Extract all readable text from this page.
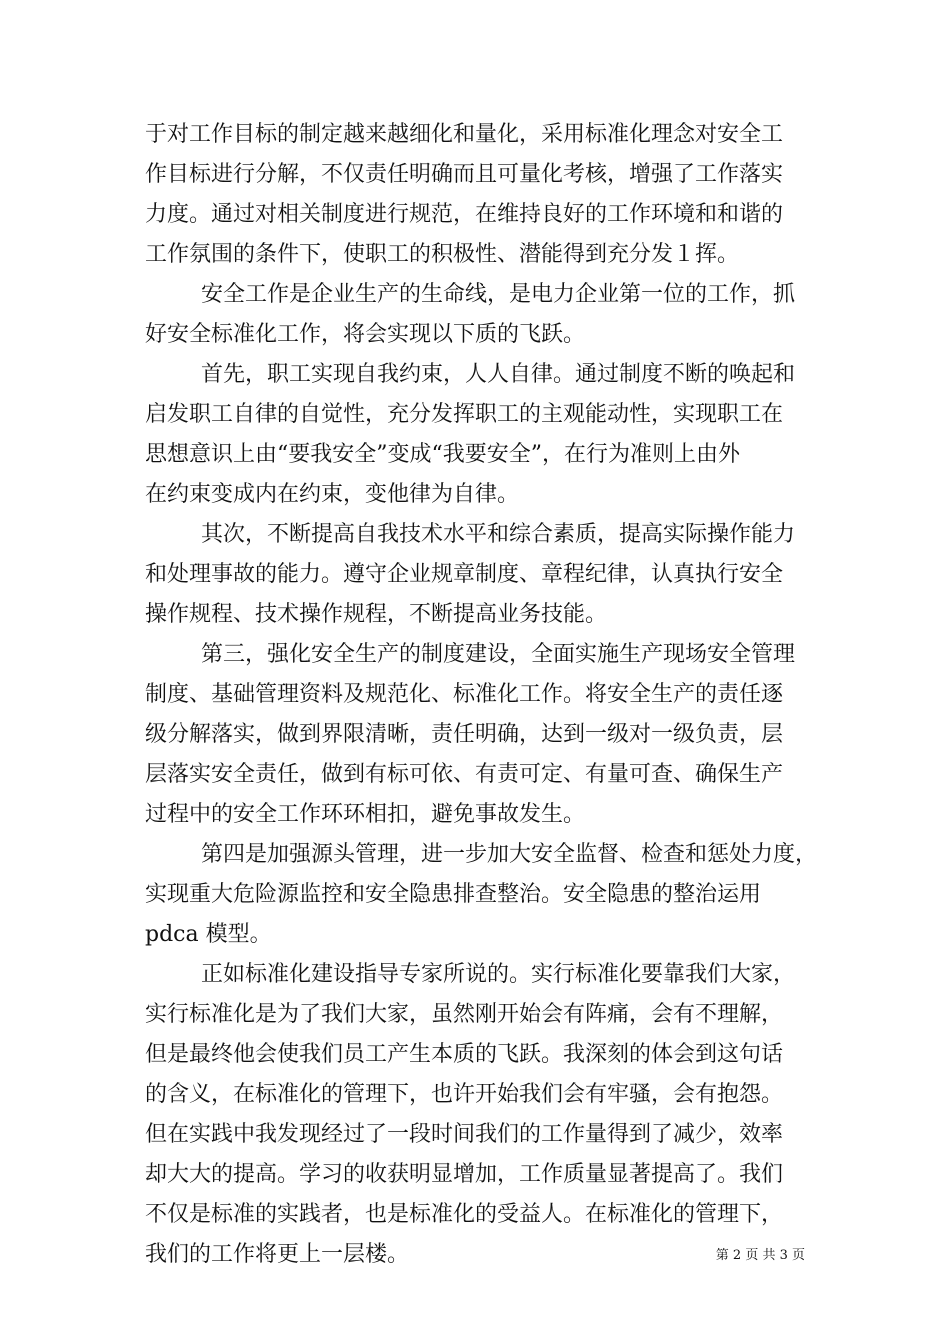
于对工作目标的制定越来越细化和量化，采用标准化理念对安全工
作目标进行分解，不仅责任明确而且可量化考核，增强了工作落实
力度。通过对相关制度进行规范，在维持良好的工作环境和和谐的
工作氛围的条件下，使职工的积极性、潜能得到充分发１挥。
安全工作是企业生产的生命线，是电力企业第一位的工作，抓
好安全标准化工作，将会实现以下质的飞跃。
首先，职工实现自我约束，人人自律。通过制度不断的唤起和
启发职工自律的自觉性，充分发挥职工的主观能动性，实现职工在
思想意识上由“要我安全”变成“我要安全”，在行为准则上由外
在约束变成内在约束，变他律为自律。
其次，不断提高自我技术水平和综合素质，提高实际操作能力
和处理事故的能力。遵守企业规章制度、章程纪律，认真执行安全
操作规程、技术操作规程，不断提高业务技能。
第三，强化安全生产的制度建设，全面实施生产现场安全管理
制度、基础管理资料及规范化、标准化工作。将安全生产的责任逐
级分解落实，做到界限清晰，责任明确，达到一级对一级负责，层
层落实安全责任，做到有标可依、有责可定、有量可查、确保生产
过程中的安全工作环环相扣，避免事故发生。
第四是加强源头管理，进一步加大安全监督、检查和惩处力度，
实现重大危险源监控和安全隐患排查整治。安全隐患的整治运用
pdca 模型。
正如标准化建设指导专家所说的。实行标准化要靠我们大家，
实行标准化是为了我们大家，虽然刚开始会有阵痛，会有不理解，
但是最终他会使我们员工产生本质的飞跃。我深刻的体会到这句话
的含义，在标准化的管理下，也许开始我们会有牢骚，会有抱怨。
但在实践中我发现经过了一段时间我们的工作量得到了减少，效率
却大大的提高。学习的收获明显增加，工作质量显著提高了。我们
不仅是标准的实践者，也是标准化的受益人。在标准化的管理下，
我们的工作将更上一层楼。	第 2 页 共 3 页
